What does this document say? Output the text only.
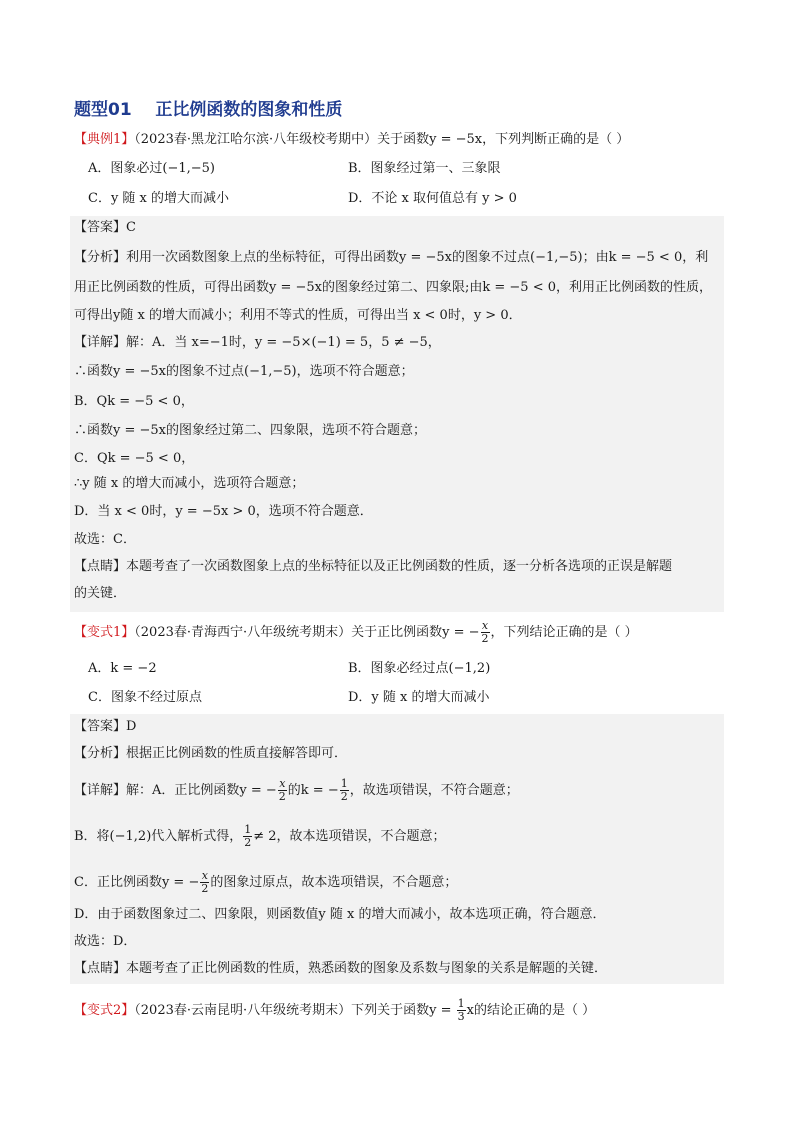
题型01    正比例函数的图象和性质
【典例1】（2023春·黑龙江哈尔滨·八年级校考期中）关于函数y = −5x，下列判断正确的是（ ）
A．图象必过(−1,−5)	B．图象经过第一、三象限
C．y 随 x 的增大而减小	D．不论 x 取何值总有 y > 0
【答案】C
【分析】利用一次函数图象上点的坐标特征，可得出函数y = −5x的图象不过点(−1,−5)；由k = −5 < 0，利
用正比例函数的性质，可得出函数y = −5x的图象经过第二、四象限;由k = −5 < 0，利用正比例函数的性质，
可得出y随 x 的增大而减小；利用不等式的性质，可得出当 x < 0时，y > 0．
【详解】解：A．当 x=−1时，y = −5×(−1) = 5，5 ≠ −5，
∴函数y = −5x的图象不过点(−1,−5)，选项不符合题意；
B．Qk = −5 < 0，
∴函数y = −5x的图象经过第二、四象限，选项不符合题意；
C．Qk = −5 < 0，
∴y 随 x 的增大而减小，选项符合题意；
D．当 x < 0时，y = −5x > 0，选项不符合题意．
故选：C．
【点睛】本题考查了一次函数图象上点的坐标特征以及正比例函数的性质，逐一分析各选项的正误是解题
的关键．
【变式1】（2023春·青海西宁·八年级统考期末）关于正比例函数y = − $\frac{x}{2}$ ，下列结论正确的是（ ）
A．k = −2	B．图象必经过点(−1,2)
C．图象不经过原点	D．y 随 x 的增大而减小
【答案】D
【分析】根据正比例函数的性质直接解答即可．
【详解】解：A．正比例函数y = − $\frac{x}{2}$ 的k = − $\frac{1}{2}$ ，故选项错误，不符合题意；
B．将(−1,2)代入解析式得， $\frac{1}{2} \ne 2$，故本选项错误，不合题意；
C．正比例函数y = − $\frac{x}{2}$ 的图象过原点，故本选项错误，不合题意；
D．由于函数图象过二、四象限，则函数值y 随 x 的增大而减小，故本选项正确，符合题意．
故选：D．
【点睛】本题考查了正比例函数的性质，熟悉函数的图象及系数与图象的关系是解题的关键．
【变式2】（2023春·云南昆明·八年级统考期末）下列关于函数$y = \frac{1}{3}$ x的结论正确的是（ ）
